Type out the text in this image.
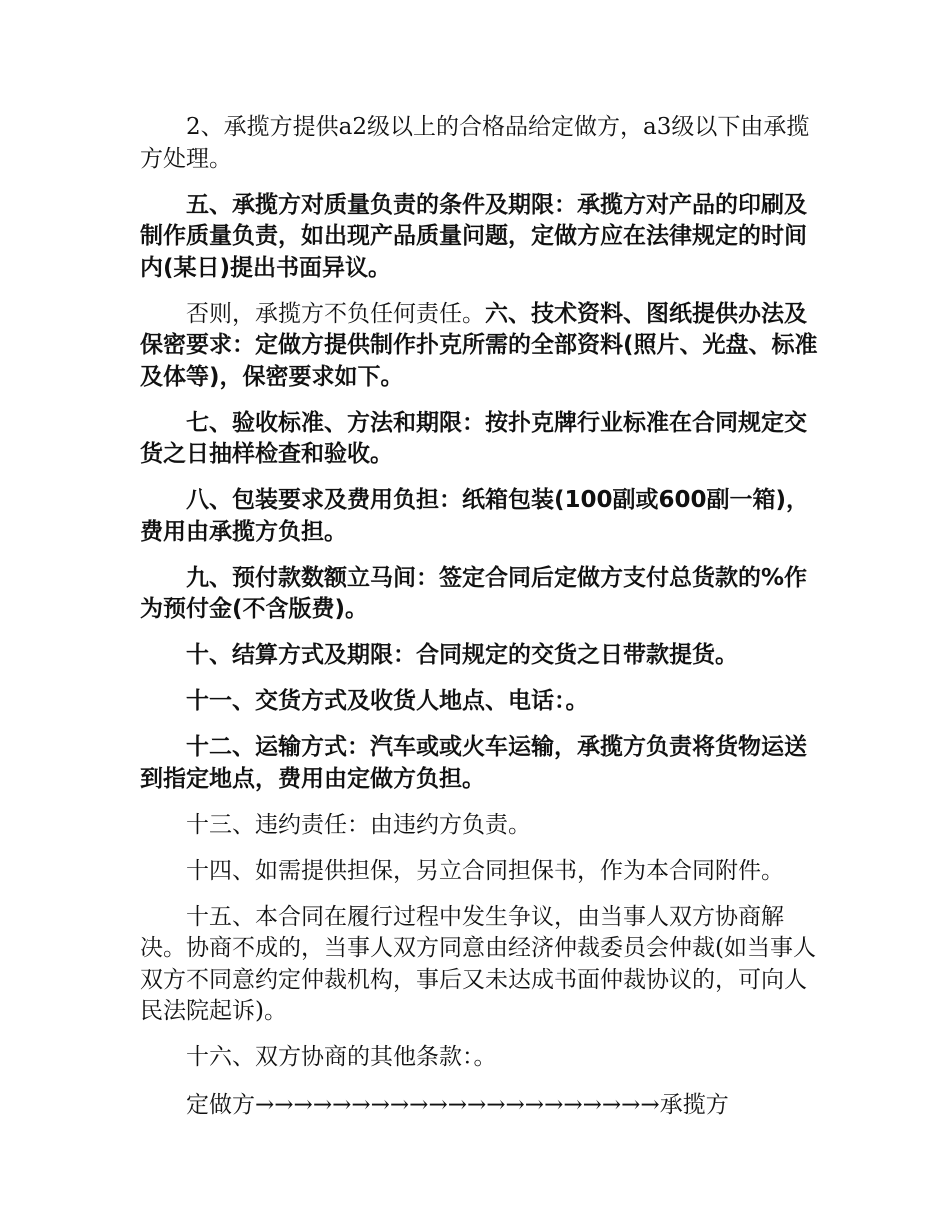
2、承揽方提供a2级以上的合格品给定做方，a3级以下由承揽方处理。

五、承揽方对质量负责的条件及期限：承揽方对产品的印刷及制作质量负责，如出现产品质量问题，定做方应在法律规定的时间内(某日)提出书面异议。

否则，承揽方不负任何责任。六、技术资料、图纸提供办法及保密要求：定做方提供制作扑克所需的全部资料(照片、光盘、标准及体等)，保密要求如下。

七、验收标准、方法和期限：按扑克牌行业标准在合同规定交货之日抽样检查和验收。

八、包装要求及费用负担：纸箱包装(100副或600副一箱)，费用由承揽方负担。

九、预付款数额立马间：签定合同后定做方支付总货款的%作为预付金(不含版费)。

十、结算方式及期限：合同规定的交货之日带款提货。

十一、交货方式及收货人地点、电话：。

十二、运输方式：汽车或或火车运输，承揽方负责将货物运送到指定地点，费用由定做方负担。

十三、违约责任：由违约方负责。

十四、如需提供担保，另立合同担保书，作为本合同附件。

十五、本合同在履行过程中发生争议，由当事人双方协商解决。协商不成的，当事人双方同意由经济仲裁委员会仲裁(如当事人双方不同意约定仲裁机构，事后又未达成书面仲裁协议的，可向人民法院起诉)。

十六、双方协商的其他条款：。

定做方→→→→→→→→→→→→→→→→→→→→→承揽方
